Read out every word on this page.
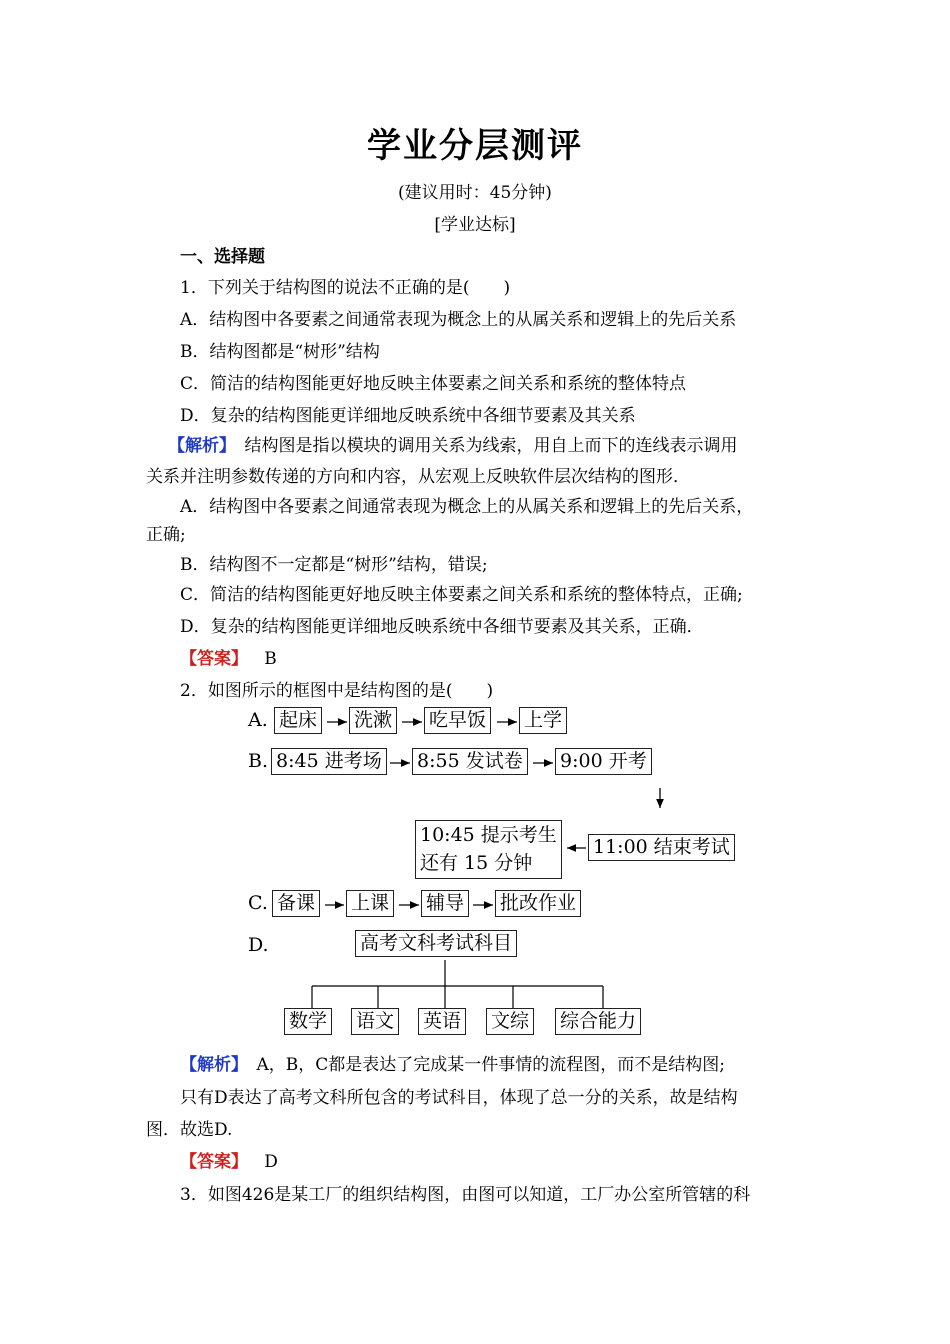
学业分层测评
(建议用时：45分钟)
[学业达标]
一、选择题
1．下列关于结构图的说法不正确的是(　　)
A．结构图中各要素之间通常表现为概念上的从属关系和逻辑上的先后关系
B．结构图都是“树形”结构
C．简洁的结构图能更好地反映主体要素之间关系和系统的整体特点
D．复杂的结构图能更详细地反映系统中各细节要素及其关系
【解析】　结构图是指以模块的调用关系为线索，用自上而下的连线表示调用
关系并注明参数传递的方向和内容，从宏观上反映软件层次结构的图形．
A．结构图中各要素之间通常表现为概念上的从属关系和逻辑上的先后关系，
正确;
B．结构图不一定都是“树形”结构，错误;
C．简洁的结构图能更好地反映主体要素之间关系和系统的整体特点，正确;
D．复杂的结构图能更详细地反映系统中各细节要素及其关系，正确．
【答案】 B
2．如图所示的框图中是结构图的是(　　)
A. 起床 洗漱 吃早饭 上学
B. 8:45 进考场 8:55 发试卷 9:00 开考
10:45 提示考生
还有 15 分钟
11:00 结束考试
C. 备课 上课 辅导 批改作业
D.	高考文科考试科目
数学 语文 英语 文综 综合能力
【解析】　A，B，C都是表达了完成某一件事情的流程图，而不是结构图;
只有D表达了高考文科所包含的考试科目，体现了总一分的关系，故是结构
图．故选D.
【答案】 D
3．如图426是某工厂的组织结构图，由图可以知道，工厂办公室所管辖的科
